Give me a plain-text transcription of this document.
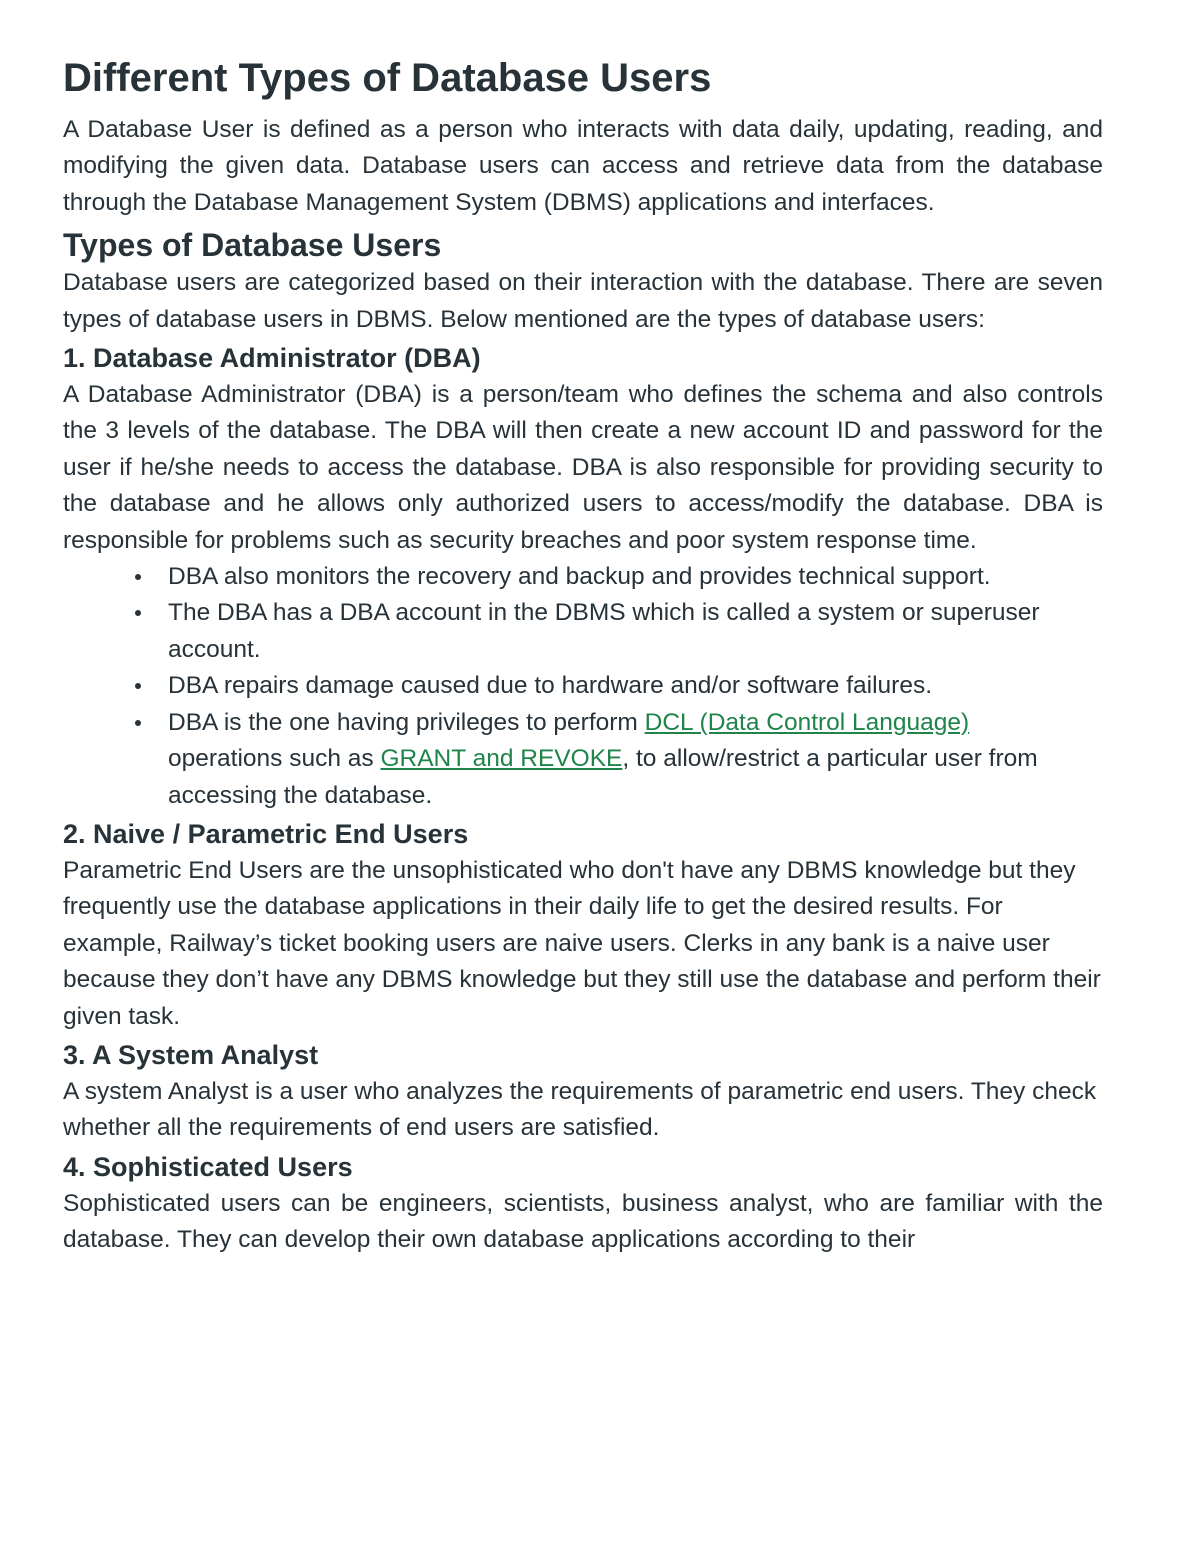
Different Types of Database Users

A Database User is defined as a person who interacts with data daily, updating, reading, and modifying the given data. Database users can access and retrieve data from the database through the Database Management System (DBMS) applications and interfaces.

Types of Database Users

Database users are categorized based on their interaction with the database. There are seven types of database users in DBMS. Below mentioned are the types of database users:

1. Database Administrator (DBA)

A Database Administrator (DBA) is a person/team who defines the schema and also controls the 3 levels of the database. The DBA will then create a new account ID and password for the user if he/she needs to access the database. DBA is also responsible for providing security to the database and he allows only authorized users to access/modify the database. DBA is responsible for problems such as security breaches and poor system response time.

DBA also monitors the recovery and backup and provides technical support.
The DBA has a DBA account in the DBMS which is called a system or superuser account.
DBA repairs damage caused due to hardware and/or software failures.
DBA is the one having privileges to perform DCL (Data Control Language) operations such as GRANT and REVOKE, to allow/restrict a particular user from accessing the database.
2. Naive / Parametric End Users

Parametric End Users are the unsophisticated who don't have any DBMS knowledge but they frequently use the database applications in their daily life to get the desired results. For example, Railway’s ticket booking users are naive users. Clerks in any bank is a naive user because they don’t have any DBMS knowledge but they still use the database and perform their given task.

3. A System Analyst

A system Analyst is a user who analyzes the requirements of parametric end users. They check whether all the requirements of end users are satisfied.

4. Sophisticated Users

Sophisticated users can be engineers, scientists, business analyst, who are familiar with the database. They can develop their own database applications according to their
